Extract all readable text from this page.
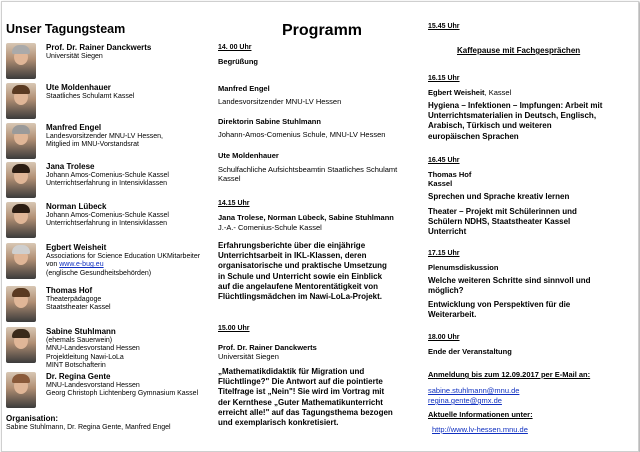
Unser Tagungsteam
Prof. Dr. Rainer Danckwerts
Universität Siegen
Ute Moldenhauer
Staatliches Schulamt Kassel
Manfred Engel
Landesvorsitzender MNU-LV Hessen,
Mitglied im MNU-Vorstandsrat
Jana Trolese
Johann Amos-Comenius-Schule Kassel
Unterrichtserfahrung in Intensivklassen
Norman Lübeck
Johann Amos-Comenius-Schule Kassel
Unterrichtserfahrung in Intensivklassen
Egbert Weisheit
Associations for Science Education UKMitarbeiter
von www.e-bug.eu
(englische Gesundheitsbehörden)
Thomas Hof
Theaterpädagoge
Staatstheater Kassel
Sabine Stuhlmann
(ehemals Sauerwein)
MNU-Landesvorstand Hessen
Projektleitung Nawi-LoLa
MINT Botschafterin
Dr. Regina Gente
MNU-Landesvorstand Hessen
Georg Christoph Lichtenberg Gymnasium Kassel
Organisation:
Sabine Stuhlmann, Dr. Regina Gente, Manfred Engel
Programm
14. 00 Uhr
Begrüßung
Manfred Engel
Landesvorsitzender MNU-LV Hessen
Direktorin Sabine Stuhlmann
Johann-Amos-Comenius Schule, MNU-LV Hessen
Ute Moldenhauer
Schulfachliche Aufsichtsbeamtin Staatliches Schulamt
Kassel
14.15 Uhr
Jana Trolese, Norman Lübeck, Sabine Stuhlmann
J.-A.- Comenius-Schule Kassel
Erfahrungsberichte über die einjährige
Unterrichtsarbeit in IKL-Klassen, deren
organisatorische und praktische Umsetzung
in Schule und Unterricht sowie ein Einblick
auf die angelaufene Mentorentätigkeit von
Flüchtlingsmädchen im Nawi-LoLa-Projekt.
15.00 Uhr
Prof. Dr. Rainer Danckwerts
Universität Siegen
„Mathematikdidaktik für Migration und
Flüchtlinge?" Die Antwort auf die pointierte
Titelfrage ist „Nein"! Sie wird im Vortrag mit
der Kernthese „Guter Mathematikunterricht
erreicht alle!" auf das Tagungsthema bezogen
und exemplarisch konkretisiert.
15.45 Uhr
Kaffepause mit Fachgesprächen
16.15 Uhr
Egbert Weisheit, Kassel
Hygiena – Infektionen – Impfungen: Arbeit mit
Unterrichtsmaterialien in Deutsch, Englisch,
Arabisch, Türkisch und weiteren
europäischen Sprachen
16.45 Uhr
Thomas Hof
Kassel
Sprechen und Sprache kreativ lernen
Theater – Projekt mit Schülerinnen und
Schülern NDHS, Staatstheater Kassel
Unterricht
17.15 Uhr
Plenumsdiskussion
Welche weiteren Schritte sind sinnvoll und
möglich?
Entwicklung von Perspektiven für die
Weiterarbeit.
18.00 Uhr
Ende der Veranstaltung
Anmeldung bis zum 12.09.2017 per E-Mail an:
sabine.stuhlmann@mnu.de
regina.gente@gmx.de
Aktuelle Informationen unter:
http://www.lv-hessen.mnu.de
